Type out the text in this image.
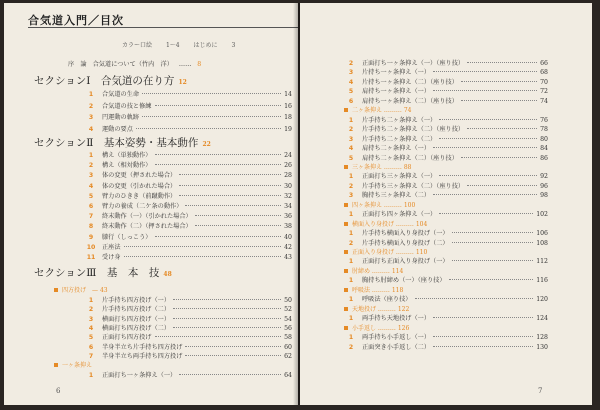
合気道入門／目次
カラー口絵 1～4 はじめに 3
序　論 合気道について（竹内　洋） …… 8
セクションⅠ　合気道の在り方 12
1	合気道の生命	14
2	合気道の技と修練	16
3	円運動の軌跡	18
4	運動の要点	19
セクションⅡ　基本姿勢・基本動作 22
1	構え（単独動作）	24
2	構え（相対動作）	26
3	体の変更（押された場合）	28
4	体の変更（引かれた場合）	30
5	臂力のひきき（前蹴動作）	32
6	臂力の養成（二ケ条の動作）	34
7	終末動作（一）（引かれた場合）	36
8	終末動作（二）（押された場合）	38
9	膝行（しっこう）	40
10	正座法	42
11	受け身	43
セクションⅢ　基　本　技 48
四方投げ — 43
1	片手持ち四方投げ（一）	50
2	片手持ち四方投げ（二）	52
3	横面打ち四方投げ（一）	54
4	横面打ち四方投げ（二）	56
5	正面打ち四方投げ	58
6	半身半立ち片手持ち四方投げ	60
7	半身半立ち両手持ち四方投げ	62
一ヶ条抑え
1	正面打ち一ヶ条抑え（一）	64
6
2	正面打ち一ヶ条抑え（一）（座り技）	66
3	片持ち一ヶ条抑え（一）	68
4	片持ち一ヶ条抑え（二）（座り技）	70
5	肩持ち一ヶ条抑え（一）	72
6	肩持ち一ヶ条抑え（二）（座り技）	74
二ヶ条抑え ……… 74
1	片手持ち二ヶ条抑え（一）	76
2	片手持ち二ヶ条抑え（二）（座り技）	78
3	片手持ち二ヶ条抑え（二）	80
4	肩持ち二ヶ条抑え（一）	84
5	肩持ち二ヶ条抑え（二）（座り技）	86
三ヶ条抑え ……… 88
1	正面打ち三ヶ条抑え（一）	92
2	片手持ち三ヶ条抑え（二）（座り技）	96
3	胸持ち三ヶ条抑え（二）	98
四ヶ条抑え ……… 100
1	正面打ち四ヶ条抑え（一）	102
横面入り身投げ ……… 104
1	片手持ち横面入り身投げ（一）	106
2	片手持ち横面入り身投げ（二）	108
正面入り身投げ ……… 110
1	正面打ち正面入り身投げ（一）	112
肘締め ……… 114
1	胸持ち肘締め（一）（座り技）	116
呼吸法 ……… 118
1	呼吸法（座り技）	120
天地投げ ……… 122
1	両手持ち天地投げ（一）	124
小手返し ……… 126
1	両手持ち小手返し（一）	128
2	正面突き小手返し（二）	130
7
